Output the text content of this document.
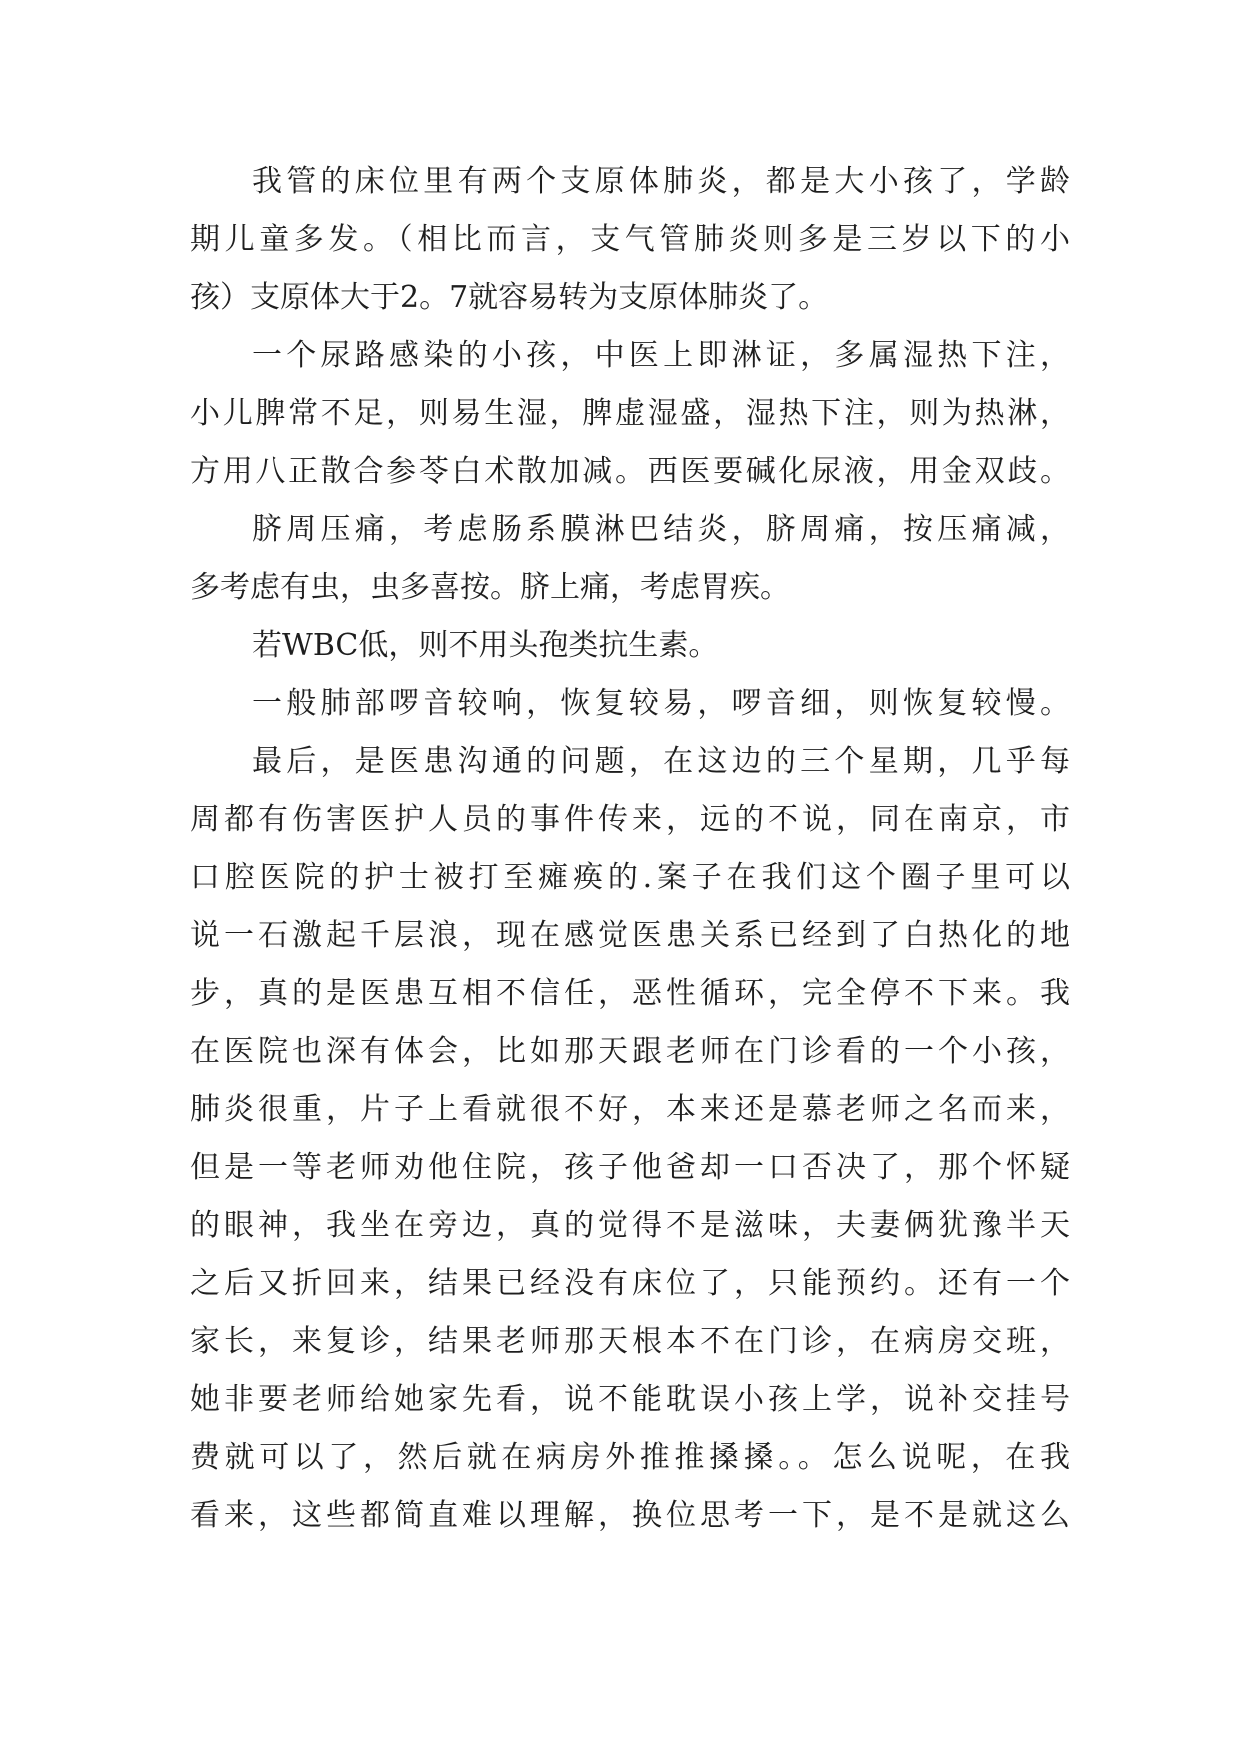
我管的床位里有两个支原体肺炎，都是大小孩了，学龄
期儿童多发。（相比而言，支气管肺炎则多是三岁以下的小
孩）支原体大于2。7就容易转为支原体肺炎了。
一个尿路感染的小孩，中医上即淋证，多属湿热下注，
小儿脾常不足，则易生湿，脾虚湿盛，湿热下注，则为热淋，
方用八正散合参苓白术散加减。西医要碱化尿液，用金双歧。
脐周压痛，考虑肠系膜淋巴结炎，脐周痛，按压痛减，
多考虑有虫，虫多喜按。脐上痛，考虑胃疾。
若WBC低，则不用头孢类抗生素。
一般肺部啰音较响，恢复较易，啰音细，则恢复较慢。
最后，是医患沟通的问题，在这边的三个星期，几乎每
周都有伤害医护人员的事件传来，远的不说，同在南京，市
口腔医院的护士被打至瘫痪的.案子在我们这个圈子里可以
说一石激起千层浪，现在感觉医患关系已经到了白热化的地
步，真的是医患互相不信任，恶性循环，完全停不下来。我
在医院也深有体会，比如那天跟老师在门诊看的一个小孩，
肺炎很重，片子上看就很不好，本来还是慕老师之名而来，
但是一等老师劝他住院，孩子他爸却一口否决了，那个怀疑
的眼神，我坐在旁边，真的觉得不是滋味，夫妻俩犹豫半天
之后又折回来，结果已经没有床位了，只能预约。还有一个
家长，来复诊，结果老师那天根本不在门诊，在病房交班，
她非要老师给她家先看，说不能耽误小孩上学，说补交挂号
费就可以了，然后就在病房外推推搡搡。。怎么说呢，在我
看来，这些都简直难以理解，换位思考一下，是不是就这么
